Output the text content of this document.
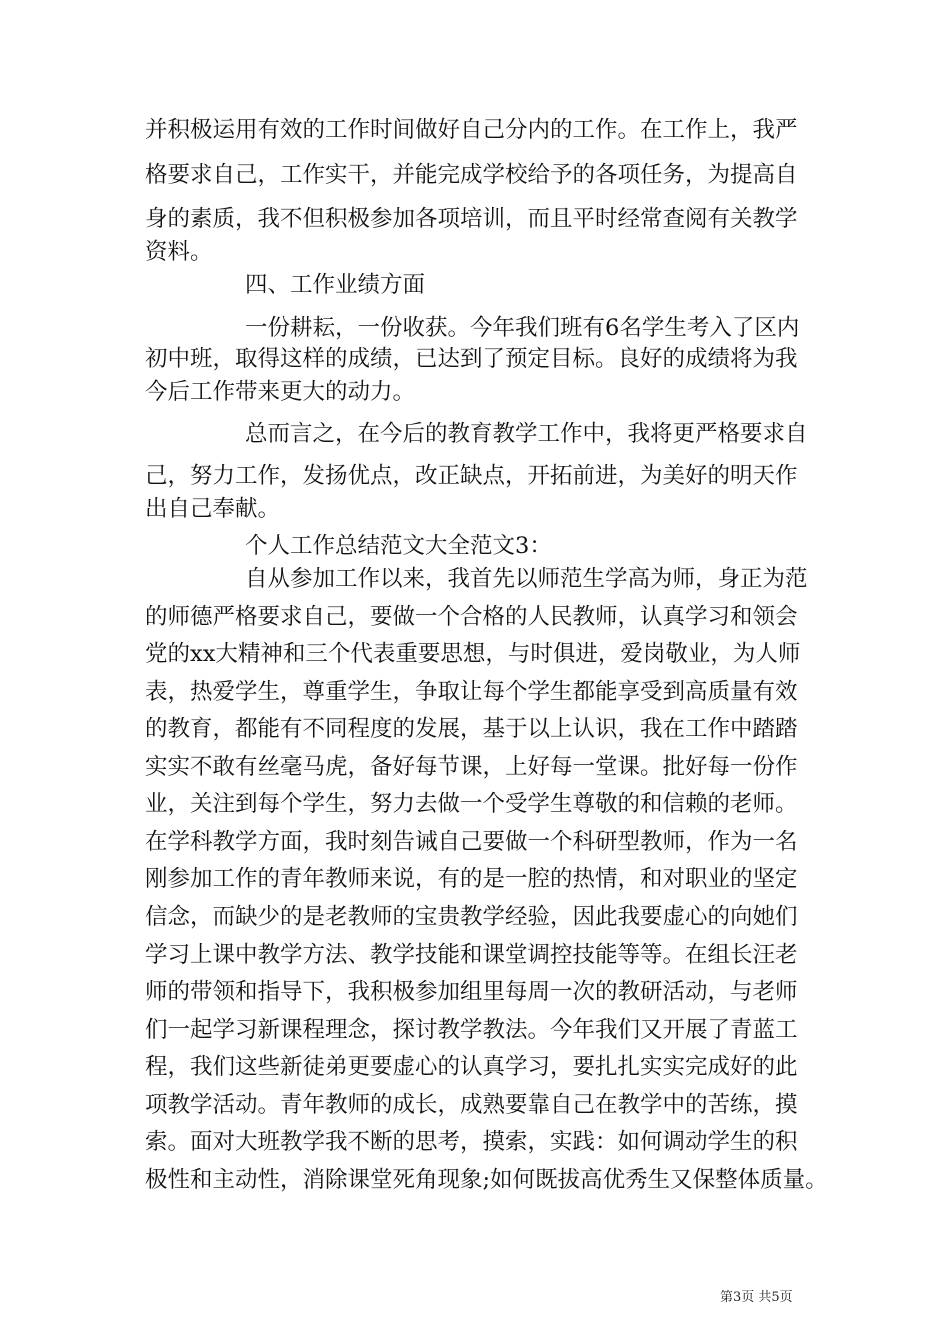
并积极运用有效的工作时间做好自己分内的工作。在工作上，我严
格要求自己，工作实干，并能完成学校给予的各项任务，为提高自
身的素质，我不但积极参加各项培训，而且平时经常查阅有关教学
资料。
四、工作业绩方面
一份耕耘，一份收获。今年我们班有6名学生考入了区内
初中班，取得这样的成绩，已达到了预定目标。良好的成绩将为我
今后工作带来更大的动力。
总而言之，在今后的教育教学工作中，我将更严格要求自
己，努力工作，发扬优点，改正缺点，开拓前进，为美好的明天作
出自己奉献。
个人工作总结范文大全范文3：
自从参加工作以来，我首先以师范生学高为师，身正为范
的师德严格要求自己，要做一个合格的人民教师，认真学习和领会
党的xx大精神和三个代表重要思想，与时俱进，爱岗敬业，为人师
表，热爱学生，尊重学生，争取让每个学生都能享受到高质量有效
的教育，都能有不同程度的发展，基于以上认识，我在工作中踏踏
实实不敢有丝毫马虎，备好每节课，上好每一堂课。批好每一份作
业，关注到每个学生，努力去做一个受学生尊敬的和信赖的老师。
在学科教学方面，我时刻告诫自己要做一个科研型教师，作为一名
刚参加工作的青年教师来说，有的是一腔的热情，和对职业的坚定
信念，而缺少的是老教师的宝贵教学经验，因此我要虚心的向她们
学习上课中教学方法、教学技能和课堂调控技能等等。在组长汪老
师的带领和指导下，我积极参加组里每周一次的教研活动，与老师
们一起学习新课程理念，探讨教学教法。今年我们又开展了青蓝工
程，我们这些新徒弟更要虚心的认真学习，要扎扎实实完成好的此
项教学活动。青年教师的成长，成熟要靠自己在教学中的苦练，摸
索。面对大班教学我不断的思考，摸索，实践：如何调动学生的积
极性和主动性，消除课堂死角现象;如何既拔高优秀生又保整体质量。
第3页 共5页
